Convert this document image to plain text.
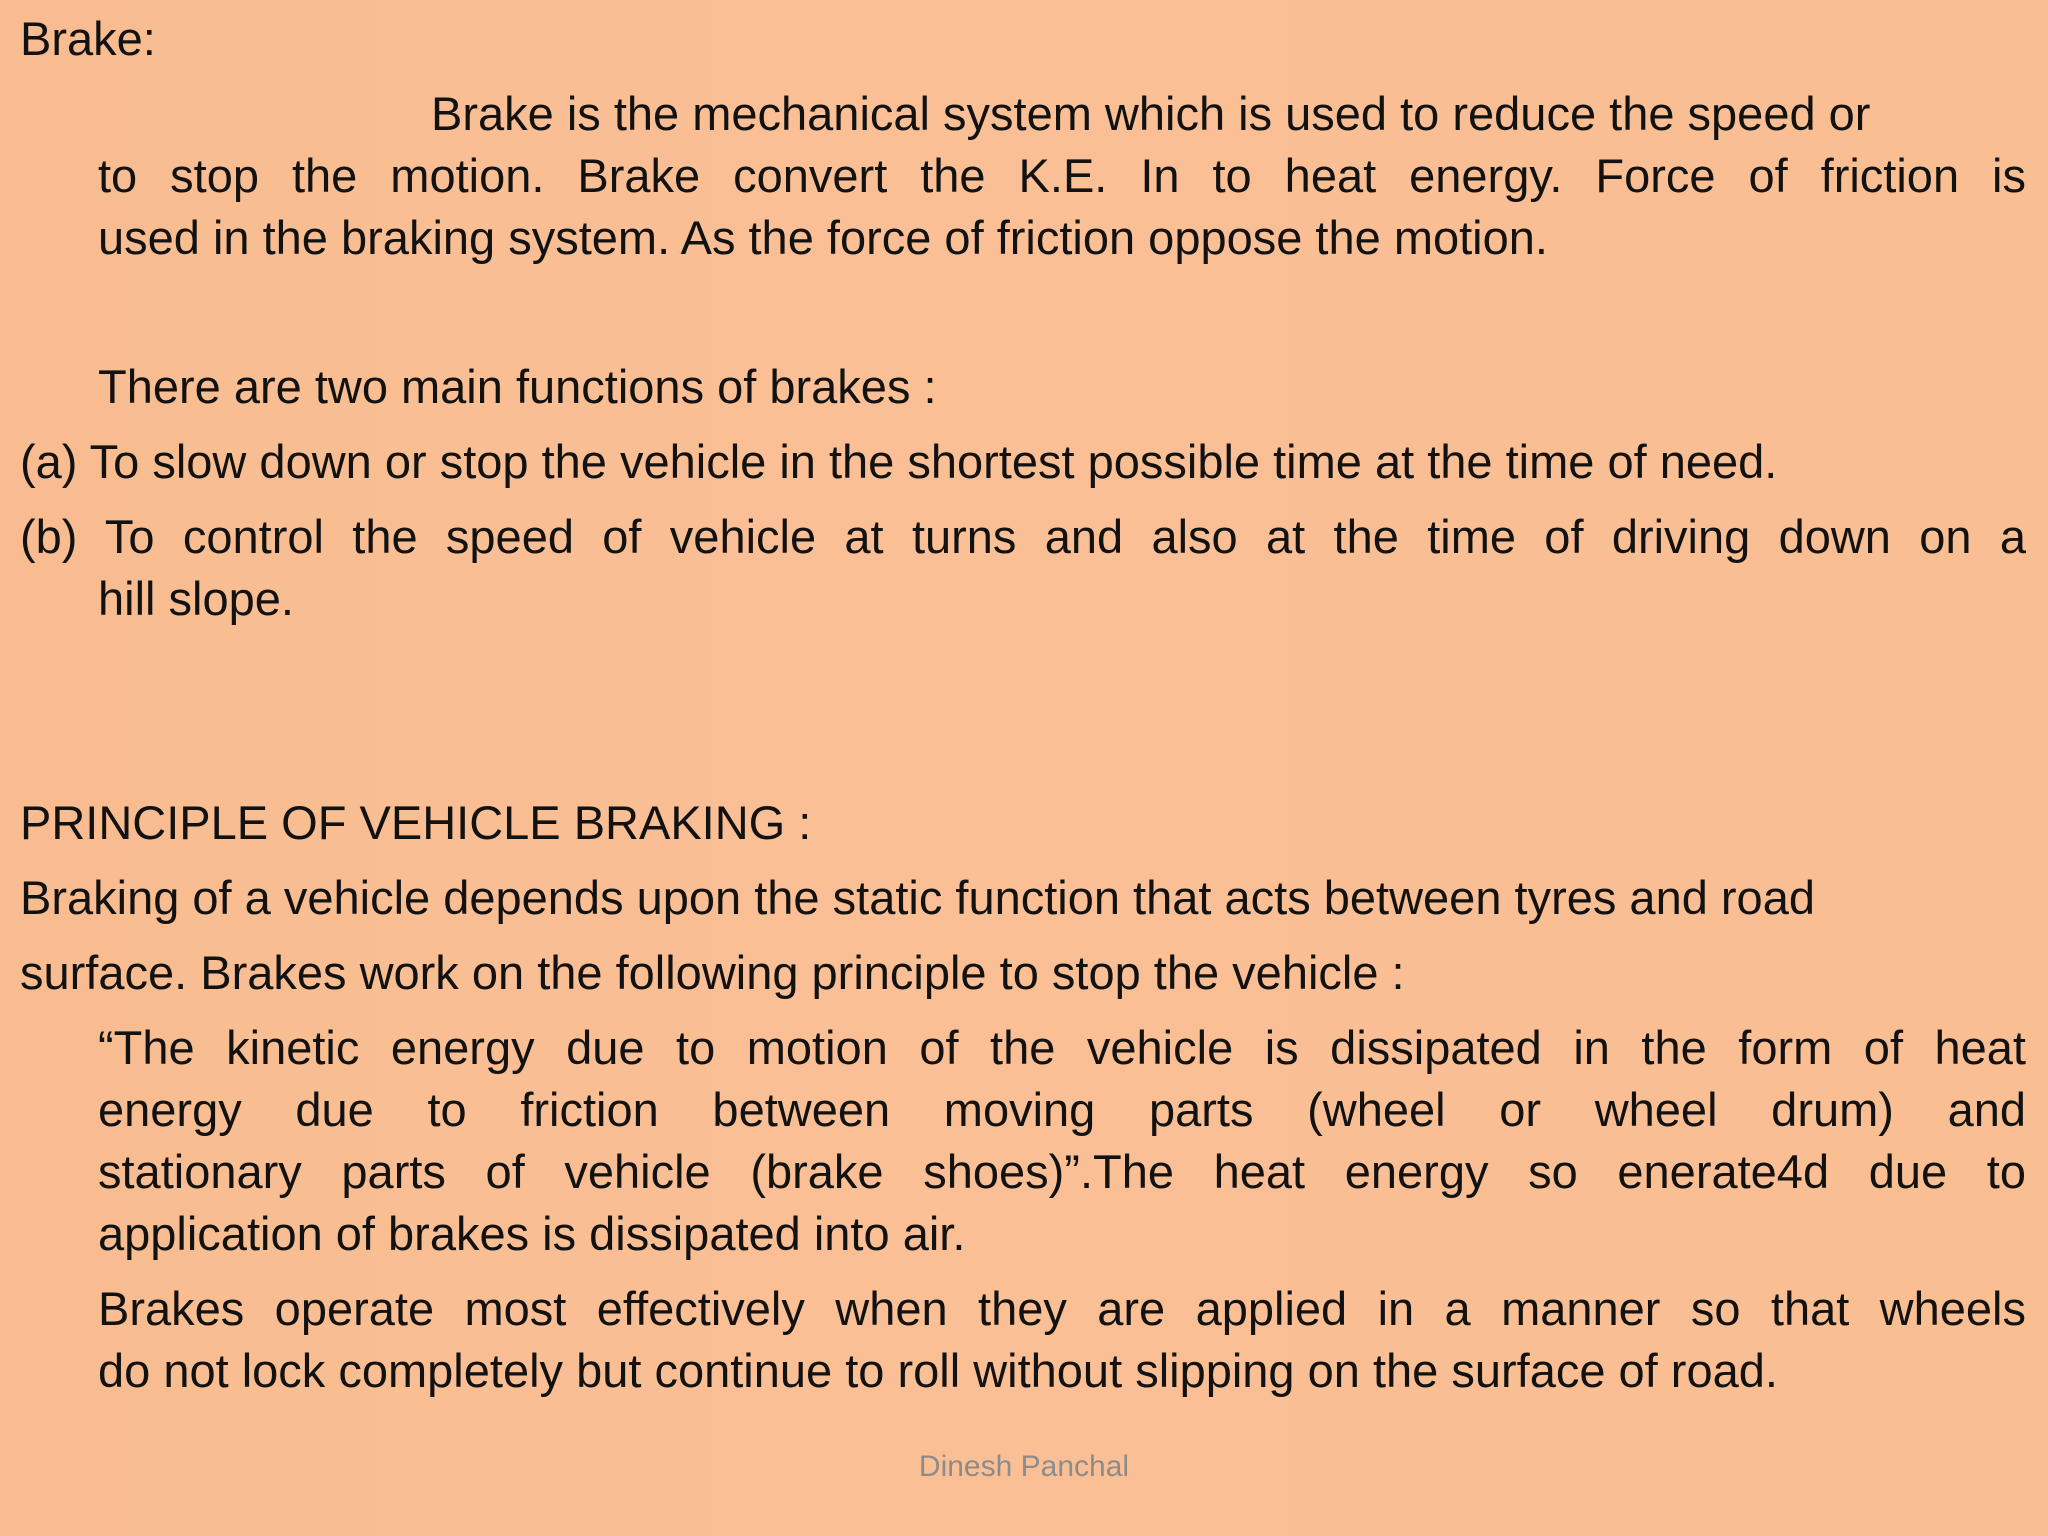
Brake:
Brake is the mechanical system which is used to reduce the speed or
to stop the motion. Brake convert the K.E. In to heat energy. Force of friction is
used in the braking system. As the force of friction oppose the motion.
There are two main functions of brakes :
(a) To slow down or stop the vehicle in the shortest possible time at the time of need.
(b) To control the speed of vehicle at turns and also at the time of driving down on a
hill slope.
PRINCIPLE OF VEHICLE BRAKING :
Braking of a vehicle depends upon the static function that acts between tyres and road
surface. Brakes work on the following principle to stop the vehicle :
“The kinetic energy due to motion of the vehicle is dissipated in the form of heat
energy due to friction between moving parts (wheel or wheel drum) and
stationary parts of vehicle (brake shoes)”.The heat energy so enerate4d due to
application of brakes is dissipated into air.
Brakes operate most effectively when they are applied in a manner so that wheels
do not lock completely but continue to roll without slipping on the surface of road.
Dinesh Panchal
